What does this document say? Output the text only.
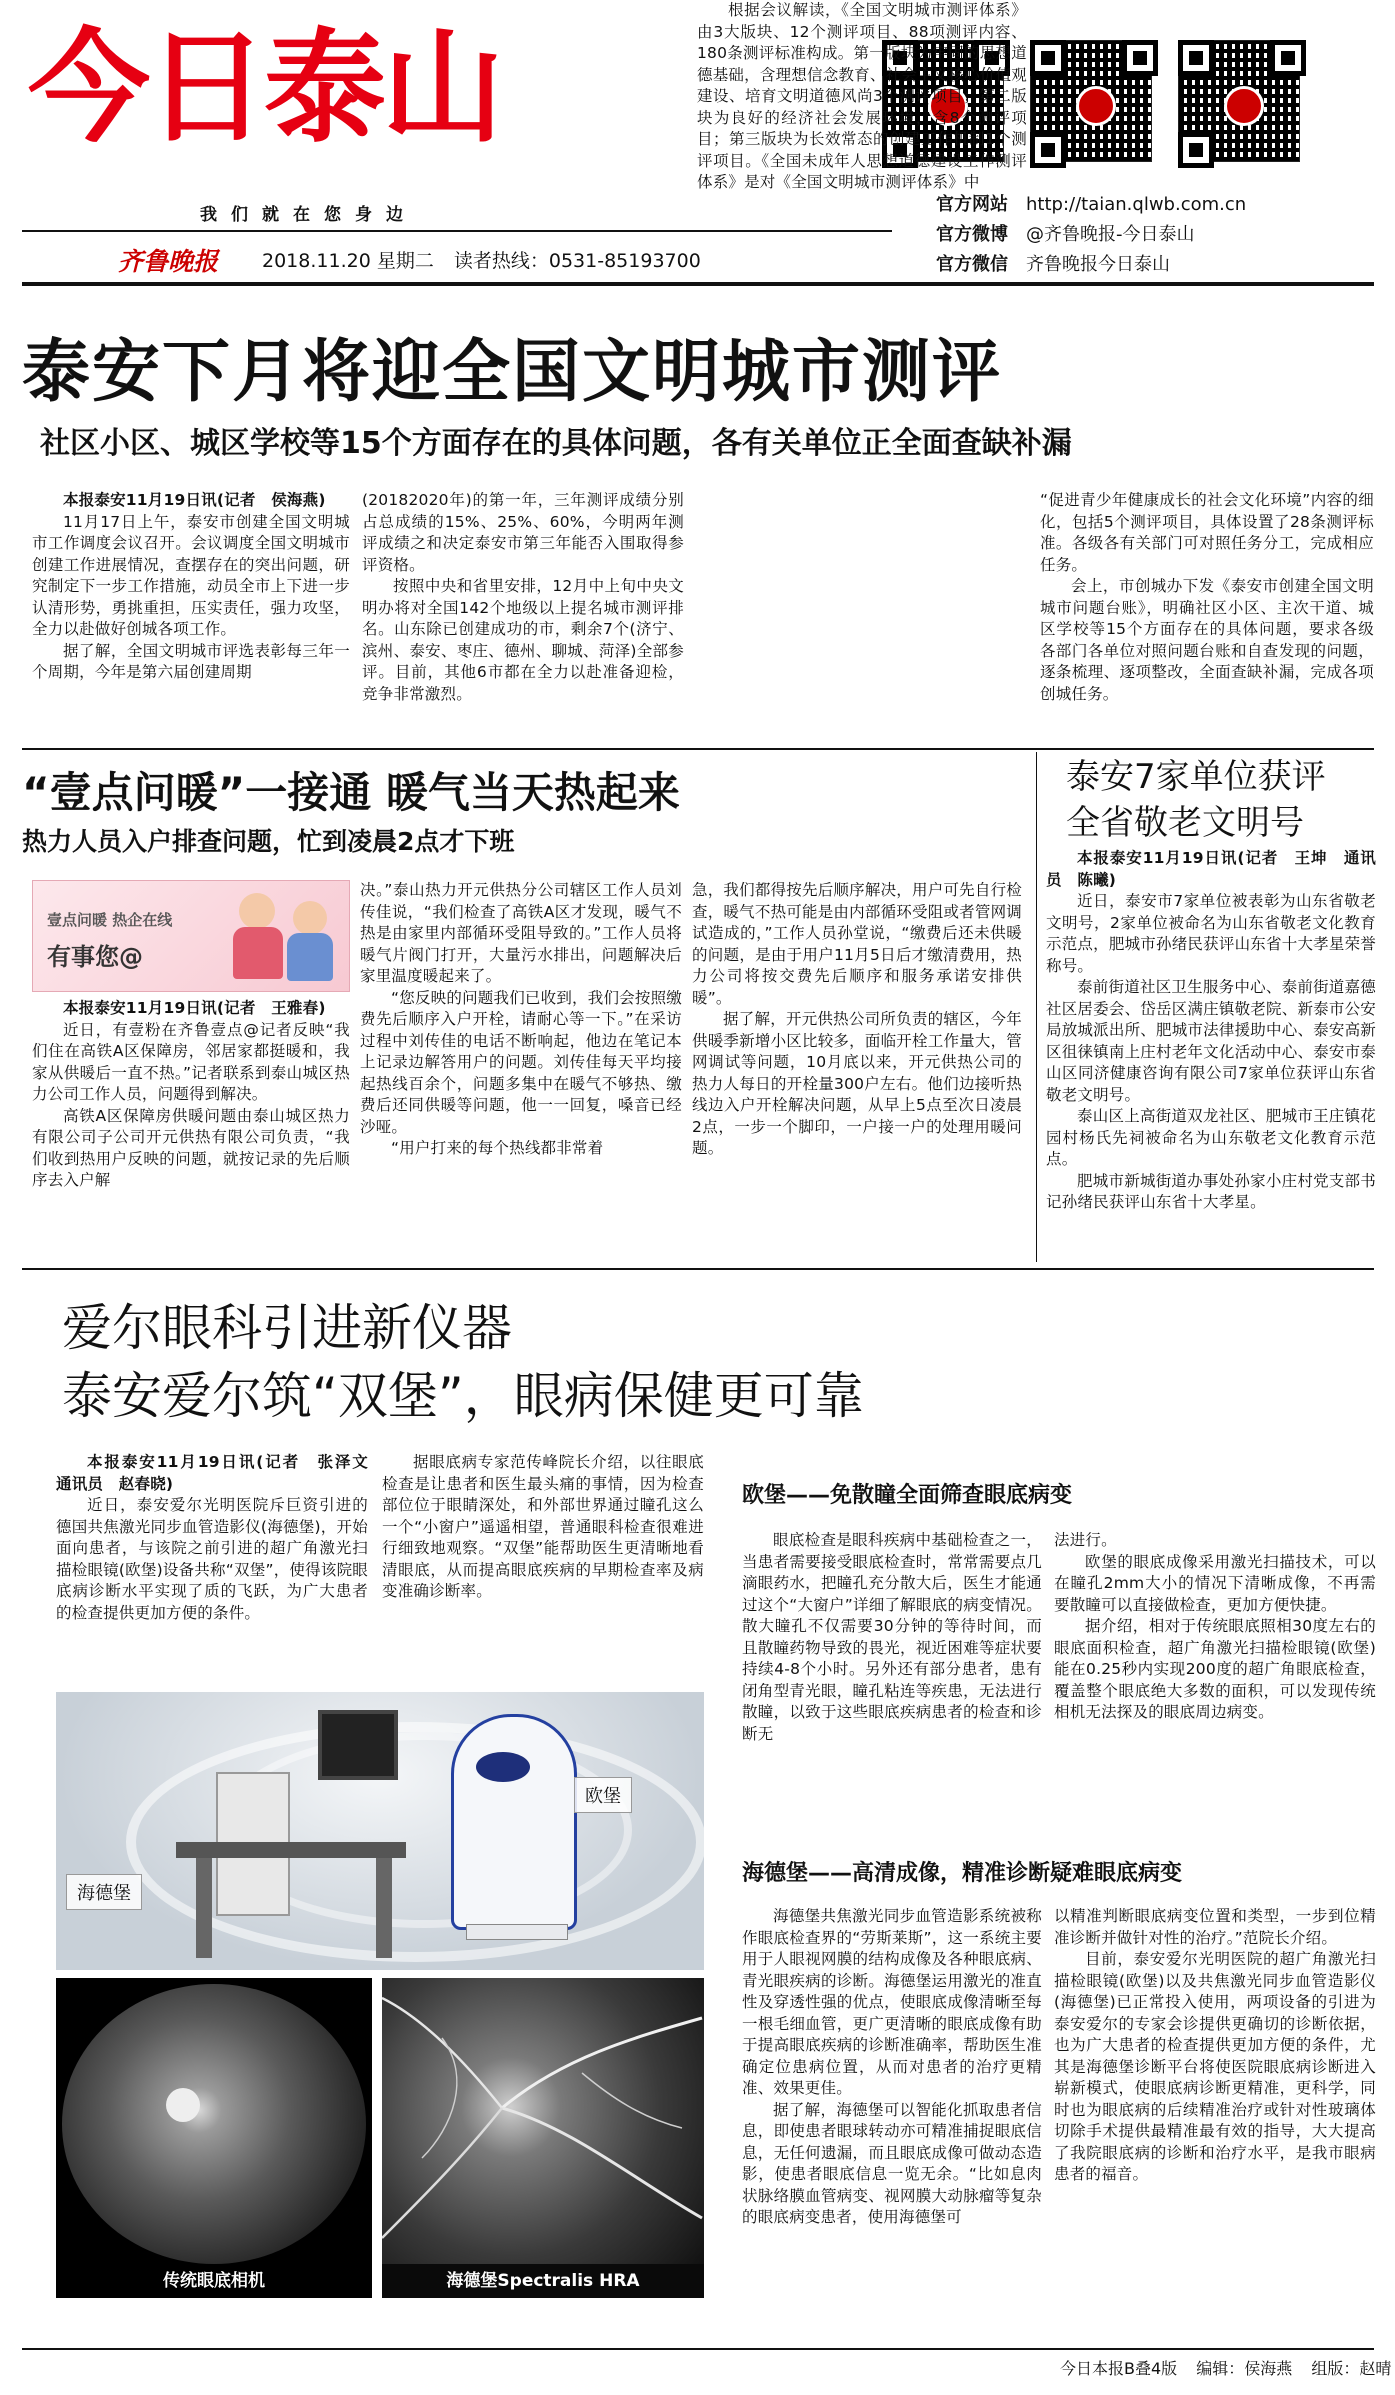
今日泰山
我们就在您身边
齐鲁晚报 2018.11.20 星期二 读者热线：0531-85193700
官方网站　 http://taian.qlwb.com.cn
官方微博　 @齐鲁晚报-今日泰山
官方微信　 齐鲁晚报今日泰山
泰安下月将迎全国文明城市测评
社区小区、城区学校等15个方面存在的具体问题，各有关单位正全面查缺补漏

本报泰安11月19日讯(记者　侯海燕)

11月17日上午，泰安市创建全国文明城市工作调度会议召开。会议调度全国文明城市创建工作进展情况，查摆存在的突出问题，研究制定下一步工作措施，动员全市上下进一步认清形势，勇挑重担，压实责任，强力攻坚，全力以赴做好创城各项工作。

据了解，全国文明城市评选表彰每三年一个周期，今年是第六届创建周期

(20182020年)的第一年，三年测评成绩分别占总成绩的15%、25%、60%，今明两年测评成绩之和决定泰安市第三年能否入围取得参评资格。

按照中央和省里安排，12月中上旬中央文明办将对全国142个地级以上提名城市测评排名。山东除已创建成功的市，剩余7个(济宁、滨州、泰安、枣庄、德州、聊城、菏泽)全部参评。目前，其他6市都在全力以赴准备迎检，竞争非常激烈。

根据会议解读，《全国文明城市测评体系》由3大版块、12个测评项目、88项测评内容、180条测评标准构成。第一版块为牢固的思想道德基础，含理想信念教育、社会主义核心价值观建设、培育文明道德风尚3个测评项目；第二版块为良好的经济社会发展环境，含8个测评项目；第三版块为长效常态的创建工作机制1个测评项目。《全国未成年人思想道德建设工作测评体系》是对《全国文明城市测评体系》中

“促进青少年健康成长的社会文化环境”内容的细化，包括5个测评项目，具体设置了28条测评标准。各级各有关部门可对照任务分工，完成相应任务。

会上，市创城办下发《泰安市创建全国文明城市问题台账》，明确社区小区、主次干道、城区学校等15个方面存在的具体问题，要求各级各部门各单位对照问题台账和自查发现的问题，逐条梳理、逐项整改，全面查缺补漏，完成各项创城任务。

“壹点问暖”一接通 暖气当天热起来
热力人员入户排查问题，忙到凌晨2点才下班
壹点问暖 热企在线
有事您@

本报泰安11月19日讯(记者　王雅春)

近日，有壹粉在齐鲁壹点@记者反映“我们住在高铁A区保障房，邻居家都挺暖和，我家从供暖后一直不热。”记者联系到泰山城区热力公司工作人员，问题得到解决。

高铁A区保障房供暖问题由泰山城区热力有限公司子公司开元供热有限公司负责，“我们收到热用户反映的问题，就按记录的先后顺序去入户解

决。”泰山热力开元供热分公司辖区工作人员刘传佳说，“我们检查了高铁A区才发现，暖气不热是由家里内部循环受阻导致的。”工作人员将暖气片阀门打开，大量污水排出，问题解决后家里温度暖起来了。

“您反映的问题我们已收到，我们会按照缴费先后顺序入户开栓，请耐心等一下。”在采访过程中刘传佳的电话不断响起，他边在笔记本上记录边解答用户的问题。刘传佳每天平均接起热线百余个，问题多集中在暖气不够热、缴费后还同供暖等问题，他一一回复，嗓音已经沙哑。

“用户打来的每个热线都非常着

急，我们都得按先后顺序解决，用户可先自行检查，暖气不热可能是由内部循环受阻或者管网调试造成的，”工作人员孙堂说，“缴费后还未供暖的问题，是由于用户11月5日后才缴清费用，热力公司将按交费先后顺序和服务承诺安排供暖”。

据了解，开元供热公司所负责的辖区，今年供暖季新增小区比较多，面临开栓工作量大，管网调试等问题，10月底以来，开元供热公司的热力人每日的开栓量300户左右。他们边接听热线边入户开栓解决问题，从早上5点至次日凌晨2点，一步一个脚印，一户接一户的处理用暖问题。

泰安7家单位获评
全省敬老文明号

本报泰安11月19日讯(记者　王坤　通讯员　陈曦)

近日，泰安市7家单位被表彰为山东省敬老文明号，2家单位被命名为山东省敬老文化教育示范点，肥城市孙绪民获评山东省十大孝星荣誉称号。

泰前街道社区卫生服务中心、泰前街道嘉德社区居委会、岱岳区满庄镇敬老院、新泰市公安局放城派出所、肥城市法律援助中心、泰安高新区徂徕镇南上庄村老年文化活动中心、泰安市泰山区同济健康咨询有限公司7家单位获评山东省敬老文明号。

泰山区上高街道双龙社区、肥城市王庄镇花园村杨氏先祠被命名为山东敬老文化教育示范点。

肥城市新城街道办事处孙家小庄村党支部书记孙绪民获评山东省十大孝星。

爱尔眼科引进新仪器
泰安爱尔筑“双堡”，眼病保健更可靠

本报泰安11月19日讯(记者　张泽文　通讯员　赵春晓)

近日，泰安爱尔光明医院斥巨资引进的德国共焦激光同步血管造影仪(海德堡)，开始面向患者，与该院之前引进的超广角激光扫描检眼镜(欧堡)设备共称“双堡”，使得该院眼底病诊断水平实现了质的飞跃，为广大患者的检查提供更加方便的条件。

据眼底病专家范传峰院长介绍，以往眼底检查是让患者和医生最头痛的事情，因为检查部位位于眼睛深处，和外部世界通过瞳孔这么一个“小窗户”遥遥相望，普通眼科检查很难进行细致地观察。“双堡”能帮助医生更清晰地看清眼底，从而提高眼底疾病的早期检查率及病变准确诊断率。

欧堡
海德堡
传统眼底相机	海德堡Spectralis HRA
欧堡——免散瞳全面筛查眼底病变

眼底检查是眼科疾病中基础检查之一，当患者需要接受眼底检查时，常常需要点几滴眼药水，把瞳孔充分散大后，医生才能通过这个“大窗户”详细了解眼底的病变情况。散大瞳孔不仅需要30分钟的等待时间，而且散瞳药物导致的畏光，视近困难等症状要持续4-8个小时。另外还有部分患者，患有闭角型青光眼，瞳孔粘连等疾患，无法进行散瞳，以致于这些眼底疾病患者的检查和诊断无

法进行。

欧堡的眼底成像采用激光扫描技术，可以在瞳孔2mm大小的情况下清晰成像，不再需要散瞳可以直接做检查，更加方便快捷。

据介绍，相对于传统眼底照相30度左右的眼底面积检查，超广角激光扫描检眼镜(欧堡)能在0.25秒内实现200度的超广角眼底检查，覆盖整个眼底绝大多数的面积，可以发现传统相机无法探及的眼底周边病变。

海德堡——高清成像，精准诊断疑难眼底病变

海德堡共焦激光同步血管造影系统被称作眼底检查界的“劳斯莱斯”，这一系统主要用于人眼视网膜的结构成像及各种眼底病、青光眼疾病的诊断。海德堡运用激光的准直性及穿透性强的优点，使眼底成像清晰至每一根毛细血管，更广更清晰的眼底成像有助于提高眼底疾病的诊断准确率，帮助医生准确定位患病位置，从而对患者的治疗更精准、效果更佳。

据了解，海德堡可以智能化抓取患者信息，即使患者眼球转动亦可精准捕捉眼底信息，无任何遗漏，而且眼底成像可做动态造影，使患者眼底信息一览无余。“比如息肉状脉络膜血管病变、视网膜大动脉瘤等复杂的眼底病变患者，使用海德堡可

以精准判断眼底病变位置和类型，一步到位精准诊断并做针对性的治疗。”范院长介绍。

目前，泰安爱尔光明医院的超广角激光扫描检眼镜(欧堡)以及共焦激光同步血管造影仪(海德堡)已正常投入使用，两项设备的引进为泰安爱尔的专家会诊提供更确切的诊断依据，也为广大患者的检查提供更加方便的条件，尤其是海德堡诊断平台将使医院眼底病诊断进入崭新模式，使眼底病诊断更精准，更科学，同时也为眼底病的后续精准治疗或针对性玻璃体切除手术提供最精准最有效的指导，大大提高了我院眼底病的诊断和治疗水平，是我市眼病患者的福音。

今日本报B叠4版 编辑：侯海燕 组版：赵晴
